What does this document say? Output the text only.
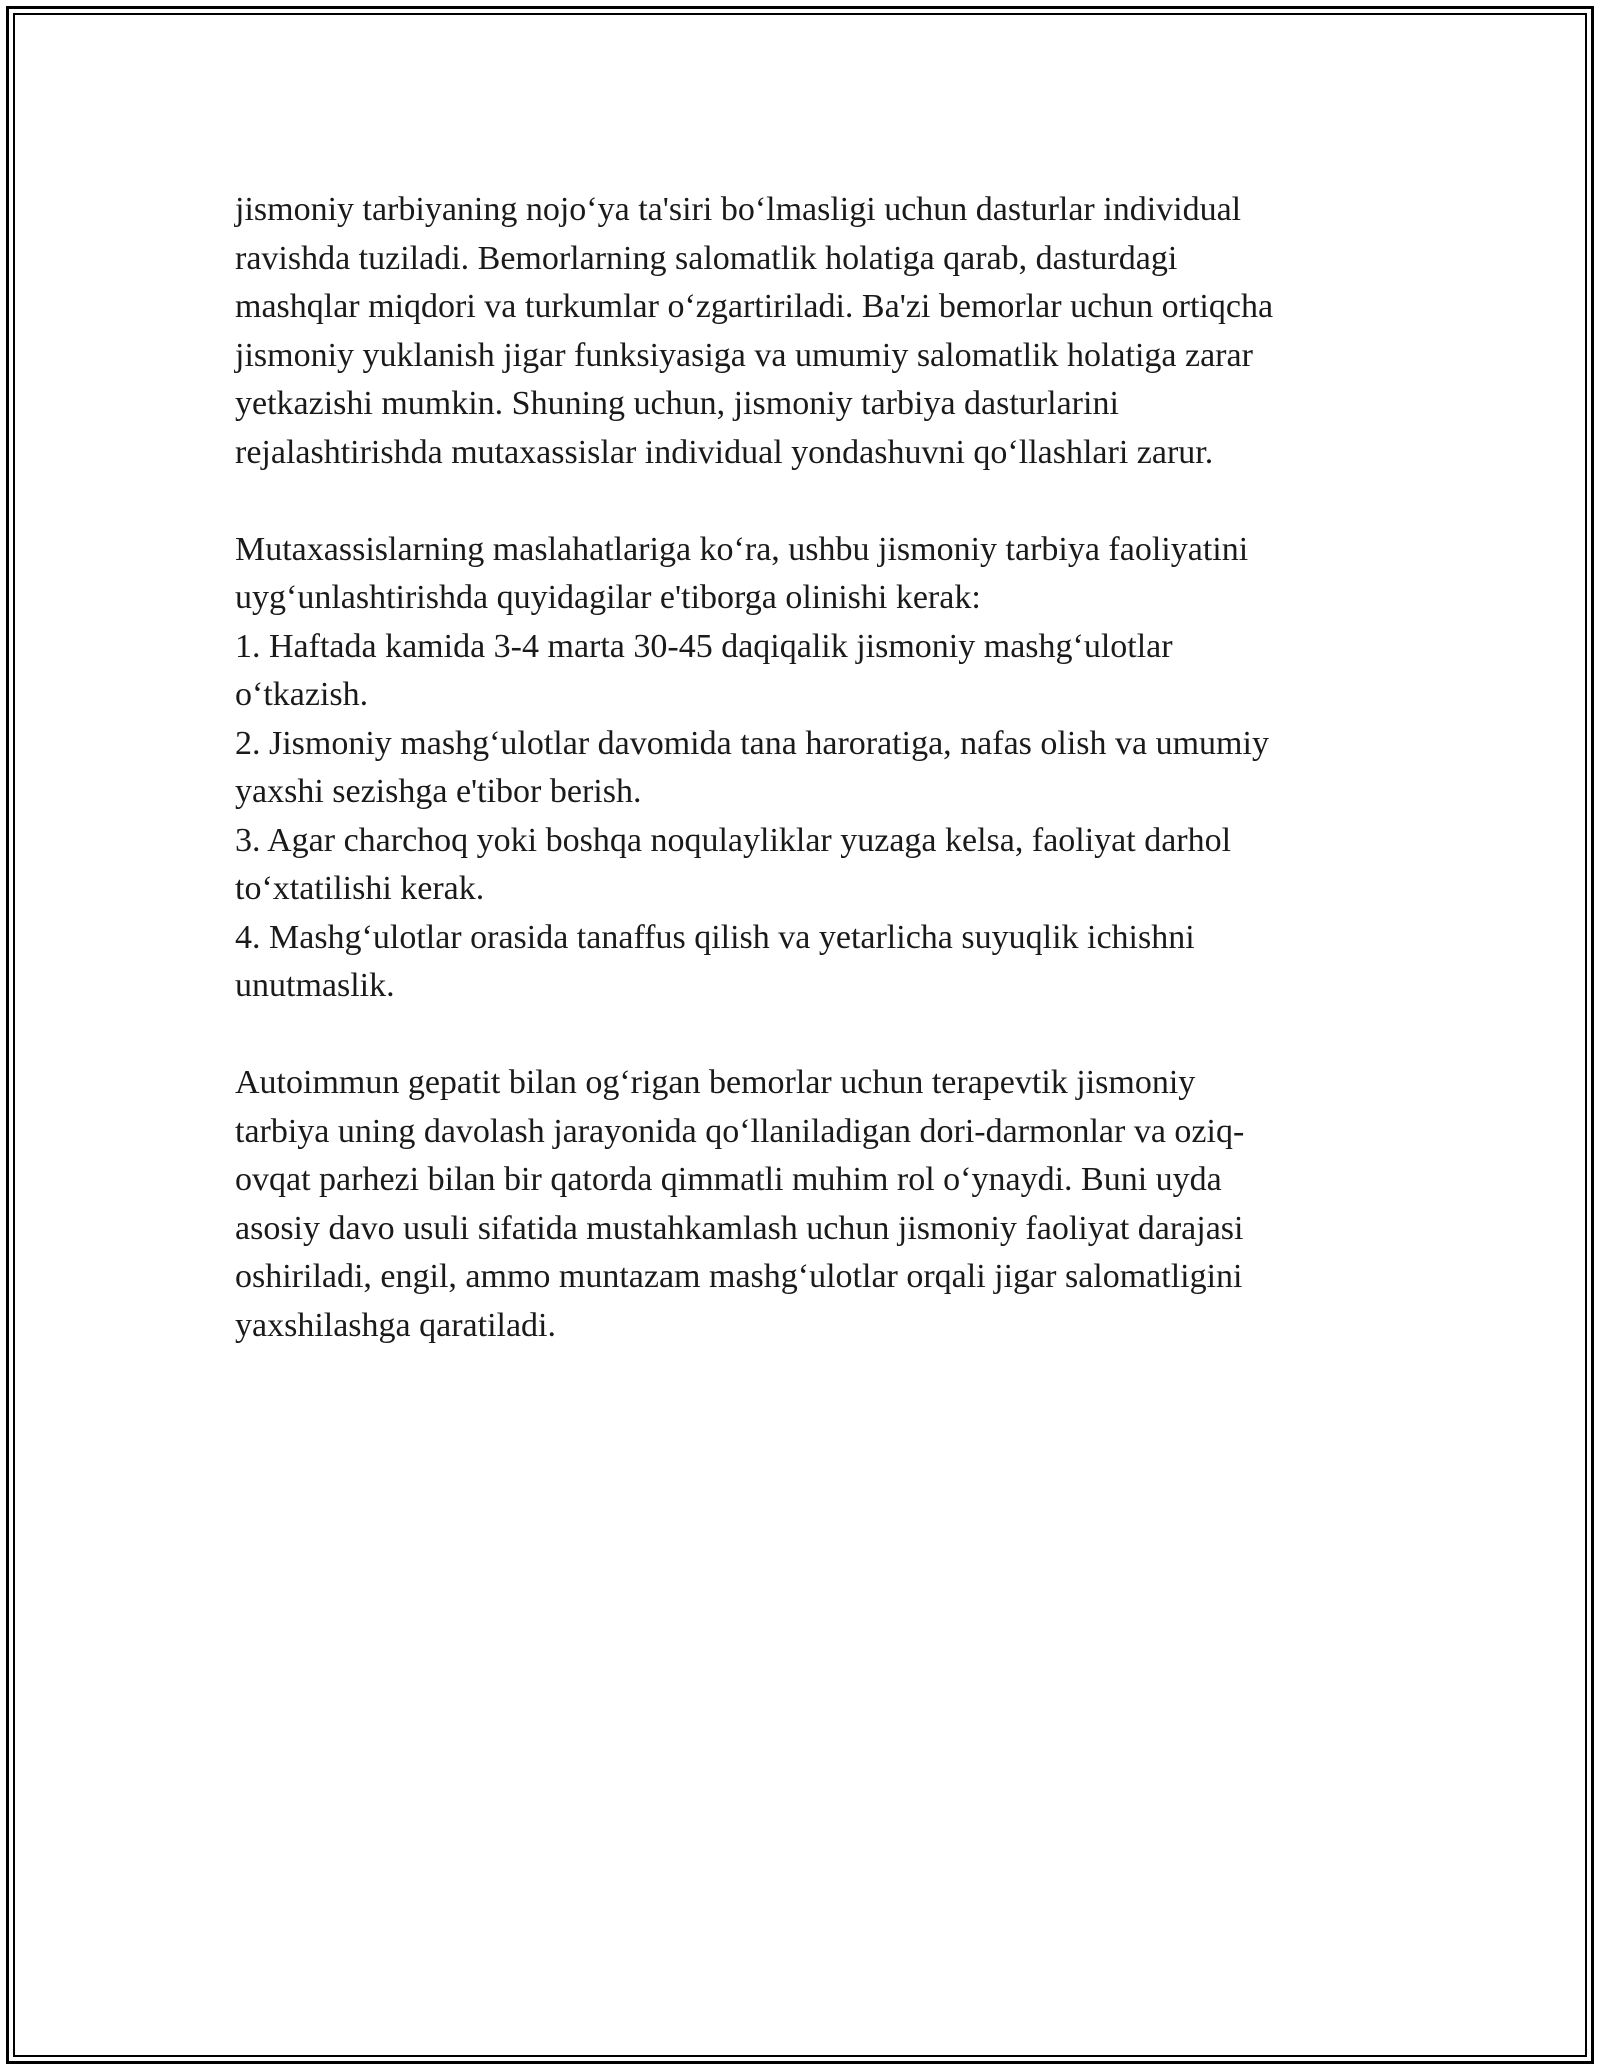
jismoniy tarbiyaning nojo‘ya ta'siri bo‘lmasligi uchun dasturlar individual
ravishda tuziladi. Bemorlarning salomatlik holatiga qarab, dasturdagi
mashqlar miqdori va turkumlar o‘zgartiriladi. Ba'zi bemorlar uchun ortiqcha
jismoniy yuklanish jigar funksiyasiga va umumiy salomatlik holatiga zarar
yetkazishi mumkin. Shuning uchun, jismoniy tarbiya dasturlarini
rejalashtirishda mutaxassislar individual yondashuvni qo‘llashlari zarur.

Mutaxassislarning maslahatlariga ko‘ra, ushbu jismoniy tarbiya faoliyatini
uyg‘unlashtirishda quyidagilar e'tiborga olinishi kerak:
1. Haftada kamida 3-4 marta 30-45 daqiqalik jismoniy mashg‘ulotlar
o‘tkazish.
2. Jismoniy mashg‘ulotlar davomida tana haroratiga, nafas olish va umumiy
yaxshi sezishga e'tibor berish.
3. Agar charchoq yoki boshqa noqulayliklar yuzaga kelsa, faoliyat darhol
to‘xtatilishi kerak.
4. Mashg‘ulotlar orasida tanaffus qilish va yetarlicha suyuqlik ichishni
unutmaslik.

Autoimmun gepatit bilan og‘rigan bemorlar uchun terapevtik jismoniy
tarbiya uning davolash jarayonida qo‘llaniladigan dori-darmonlar va oziq-
ovqat parhezi bilan bir qatorda qimmatli muhim rol o‘ynaydi. Buni uyda
asosiy davo usuli sifatida mustahkamlash uchun jismoniy faoliyat darajasi
oshiriladi, engil, ammo muntazam mashg‘ulotlar orqali jigar salomatligini
yaxshilashga qaratiladi.
